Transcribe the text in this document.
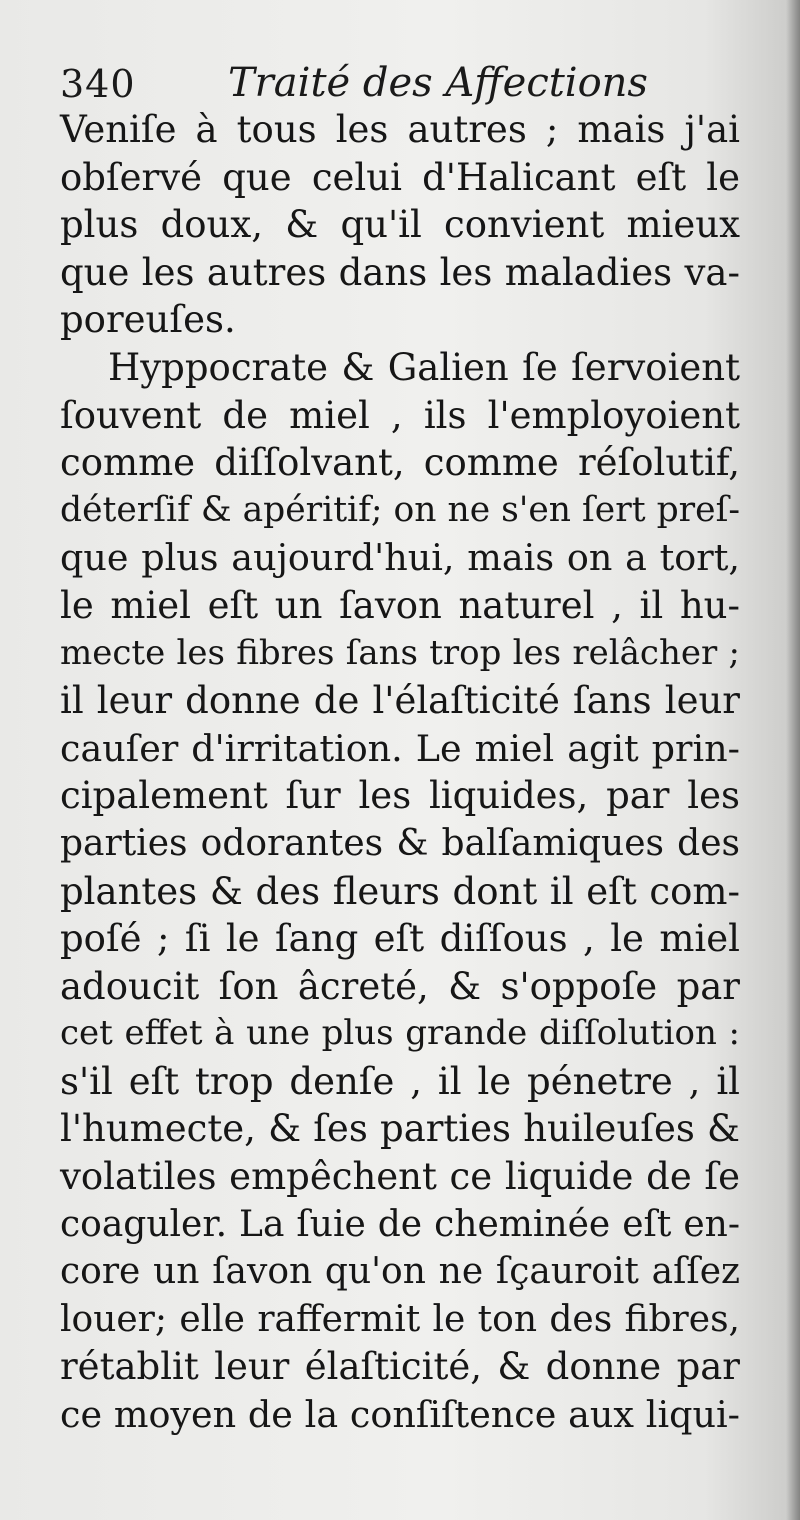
340 Traité des Affections
Veniſe à tous les autres ; mais j'ai
obſervé que celui d'Halicant eſt le
plus doux, & qu'il convient mieux
que les autres dans les maladies va-
poreuſes.
Hyppocrate & Galien ſe ſervoient
ſouvent de miel , ils l'employoient
comme diſſolvant, comme réſolutif,
déterſif & apéritif; on ne s'en ſert preſ-
que plus aujourd'hui, mais on a tort,
le miel eſt un ſavon naturel , il hu-
mecte les fibres ſans trop les relâcher ;
il leur donne de l'élaſticité ſans leur
cauſer d'irritation. Le miel agit prin-
cipalement ſur les liquides, par les
parties odorantes & balſamiques des
plantes & des fleurs dont il eſt com-
poſé ; ſi le ſang eſt diſſous , le miel
adoucit ſon âcreté, & s'oppoſe par
cet effet à une plus grande diſſolution :
s'il eſt trop denſe , il le pénetre , il
l'humecte, & ſes parties huileuſes &
volatiles empêchent ce liquide de ſe
coaguler. La ſuie de cheminée eſt en-
core un ſavon qu'on ne ſçauroit aſſez
louer; elle raffermit le ton des fibres,
rétablit leur élaſticité, & donne par
ce moyen de la conſiſtence aux liqui-
